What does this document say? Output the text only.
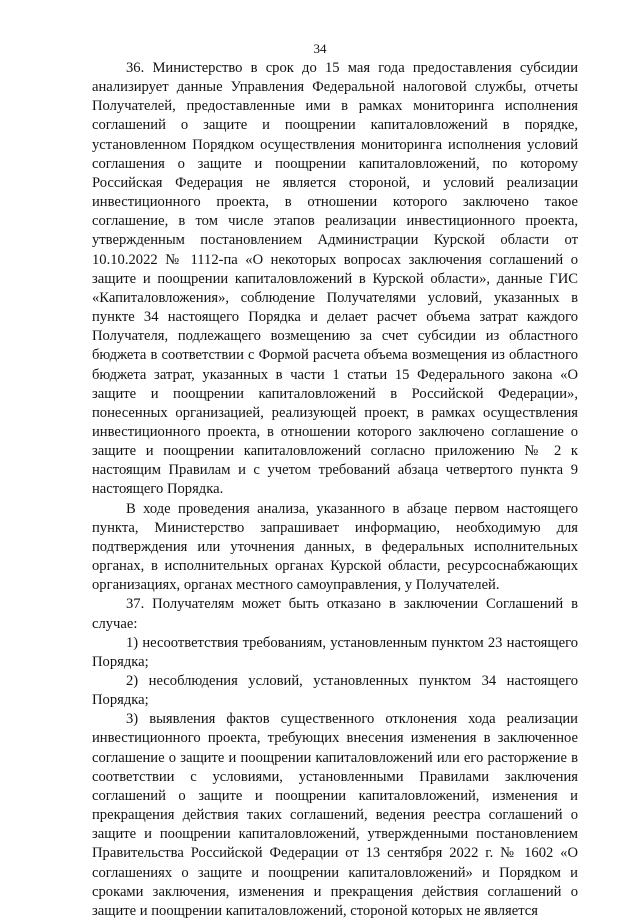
34

36. Министерство в срок до 15 мая года предоставления субсидии анализирует данные Управления Федеральной налоговой службы, отчеты Получателей, предоставленные ими в рамках мониторинга исполнения соглашений о защите и поощрении капиталовложений в порядке, установленном Порядком осуществления мониторинга исполнения условий соглашения о защите и поощрении капиталовложений, по которому Российская Федерация не является стороной, и условий реализации инвестиционного проекта, в отношении которого заключено такое соглашение, в том числе этапов реализации инвестиционного проекта, утвержденным постановлением Администрации Курской области от 10.10.2022 № 1112-па «О некоторых вопросах заключения соглашений о защите и поощрении капиталовложений в Курской области», данные ГИС «Капиталовложения», соблюдение Получателями условий, указанных в пункте 34 настоящего Порядка и делает расчет объема затрат каждого Получателя, подлежащего возмещению за счет субсидии из областного бюджета в соответствии с Формой расчета объема возмещения из областного бюджета затрат, указанных в части 1 статьи 15 Федерального закона «О защите и поощрении капиталовложений в Российской Федерации», понесенных организацией, реализующей проект, в рамках осуществления инвестиционного проекта, в отношении которого заключено соглашение о защите и поощрении капиталовложений согласно приложению № 2 к настоящим Правилам и с учетом требований абзаца четвертого пункта 9 настоящего Порядка.

В ходе проведения анализа, указанного в абзаце первом настоящего пункта, Министерство запрашивает информацию, необходимую для подтверждения или уточнения данных, в федеральных исполнительных органах, в исполнительных органах Курской области, ресурсоснабжающих организациях, органах местного самоуправления, у Получателей.

37. Получателям может быть отказано в заключении Соглашений в случае:

1) несоответствия требованиям, установленным пунктом 23 настоящего Порядка;

2) несоблюдения условий, установленных пунктом 34 настоящего Порядка;

3) выявления фактов существенного отклонения хода реализации инвестиционного проекта, требующих внесения изменения в заключенное соглашение о защите и поощрении капиталовложений или его расторжение в соответствии с условиями, установленными Правилами заключения соглашений о защите и поощрении капиталовложений, изменения и прекращения действия таких соглашений, ведения реестра соглашений о защите и поощрении капиталовложений, утвержденными постановлением Правительства Российской Федерации от 13 сентября 2022 г. № 1602 «О соглашениях о защите и поощрении капиталовложений» и Порядком и сроками заключения, изменения и прекращения действия соглашений о защите и поощрении капиталовложений, стороной которых не является
